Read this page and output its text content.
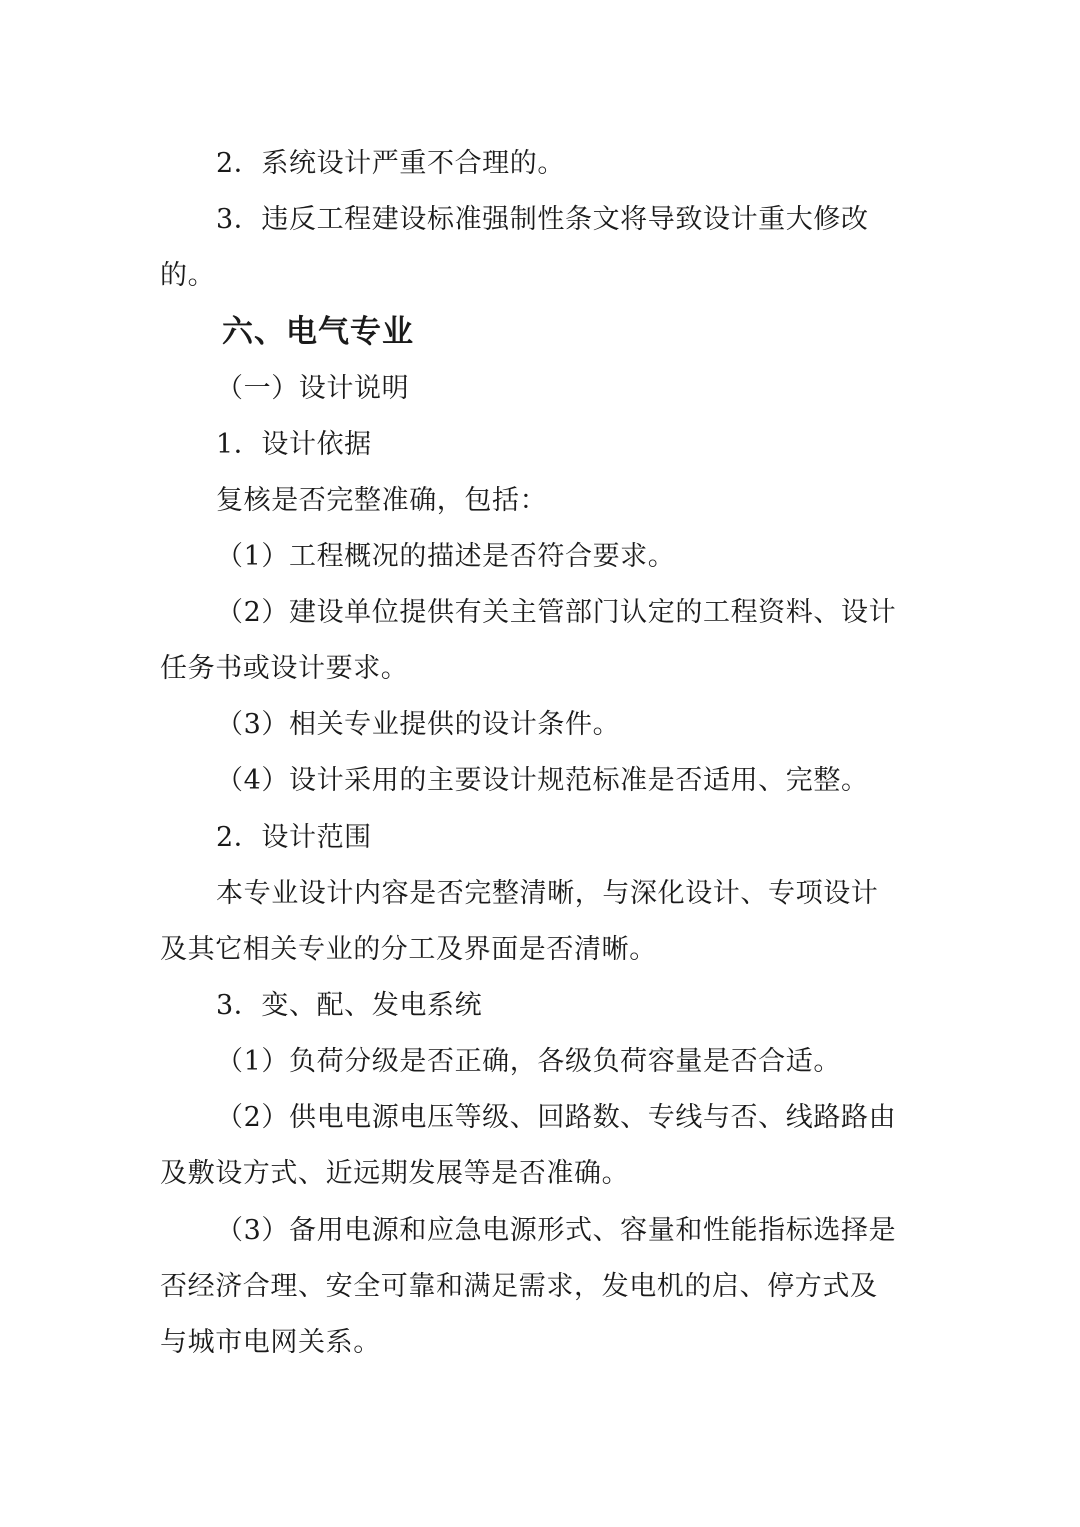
2．系统设计严重不合理的。
3．违反工程建设标准强制性条文将导致设计重大修改
的。
六、电气专业
（一）设计说明
1．设计依据
复核是否完整准确，包括：
（1）工程概况的描述是否符合要求。
（2）建设单位提供有关主管部门认定的工程资料、设计
任务书或设计要求。
（3）相关专业提供的设计条件。
（4）设计采用的主要设计规范标准是否适用、完整。
2．设计范围
本专业设计内容是否完整清晰，与深化设计、专项设计
及其它相关专业的分工及界面是否清晰。
3．变、配、发电系统
（1）负荷分级是否正确，各级负荷容量是否合适。
（2）供电电源电压等级、回路数、专线与否、线路路由
及敷设方式、近远期发展等是否准确。
（3）备用电源和应急电源形式、容量和性能指标选择是
否经济合理、安全可靠和满足需求，发电机的启、停方式及
与城市电网关系。
